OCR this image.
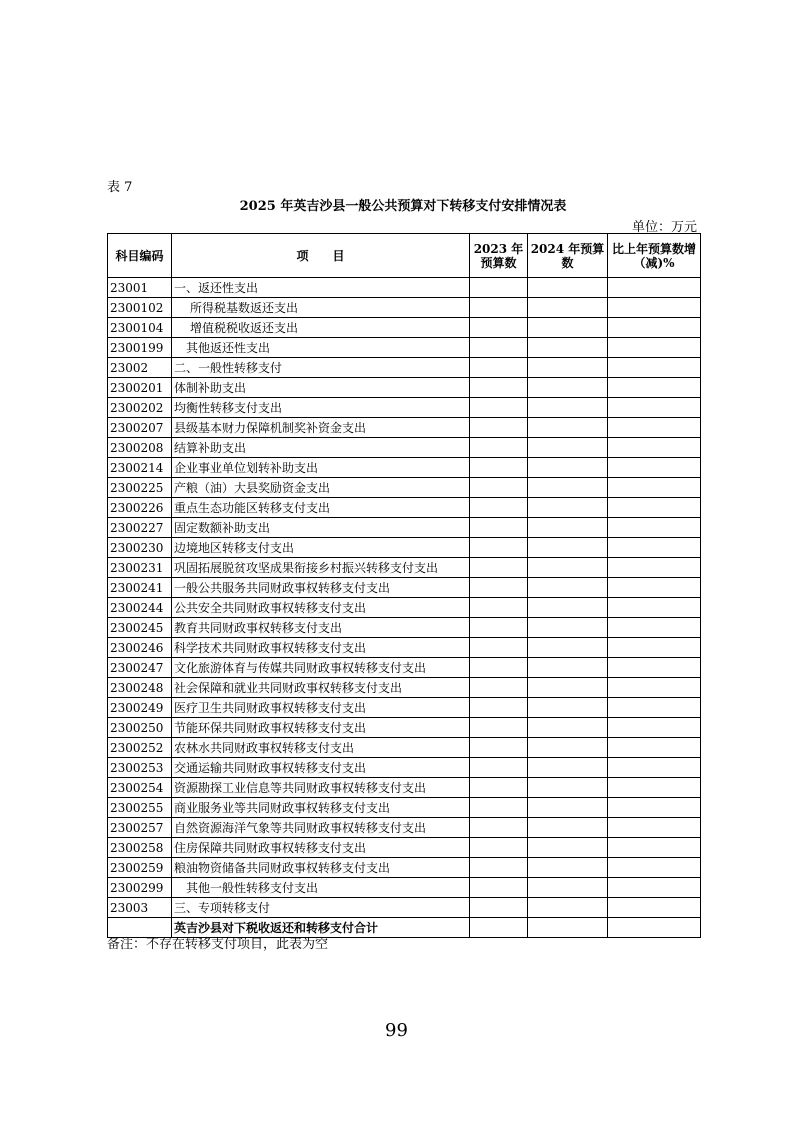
表 7
2025 年英吉沙县一般公共预算对下转移支付安排情况表
单位：万元
科目编码	项　　目	2023 年预算数	2024 年预算数	比上年预算数增（减)%
23001	一、返还性支出			
2300102	所得税基数返还支出			
2300104	增值税税收返还支出			
2300199	其他返还性支出			
23002	二、一般性转移支付			
2300201	体制补助支出			
2300202	均衡性转移支付支出			
2300207	县级基本财力保障机制奖补资金支出			
2300208	结算补助支出			
2300214	企业事业单位划转补助支出			
2300225	产粮（油）大县奖励资金支出			
2300226	重点生态功能区转移支付支出			
2300227	固定数额补助支出			
2300230	边境地区转移支付支出			
2300231	巩固拓展脱贫攻坚成果衔接乡村振兴转移支付支出			
2300241	一般公共服务共同财政事权转移支付支出			
2300244	公共安全共同财政事权转移支付支出			
2300245	教育共同财政事权转移支付支出			
2300246	科学技术共同财政事权转移支付支出			
2300247	文化旅游体育与传媒共同财政事权转移支付支出			
2300248	社会保障和就业共同财政事权转移支付支出			
2300249	医疗卫生共同财政事权转移支付支出			
2300250	节能环保共同财政事权转移支付支出			
2300252	农林水共同财政事权转移支付支出			
2300253	交通运输共同财政事权转移支付支出			
2300254	资源勘探工业信息等共同财政事权转移支付支出			
2300255	商业服务业等共同财政事权转移支付支出			
2300257	自然资源海洋气象等共同财政事权转移支付支出			
2300258	住房保障共同财政事权转移支付支出			
2300259	粮油物资储备共同财政事权转移支付支出			
2300299	其他一般性转移支付支出			
23003	三、专项转移支付			
	英吉沙县对下税收返还和转移支付合计			
备注：不存在转移支付项目，此表为空
99
